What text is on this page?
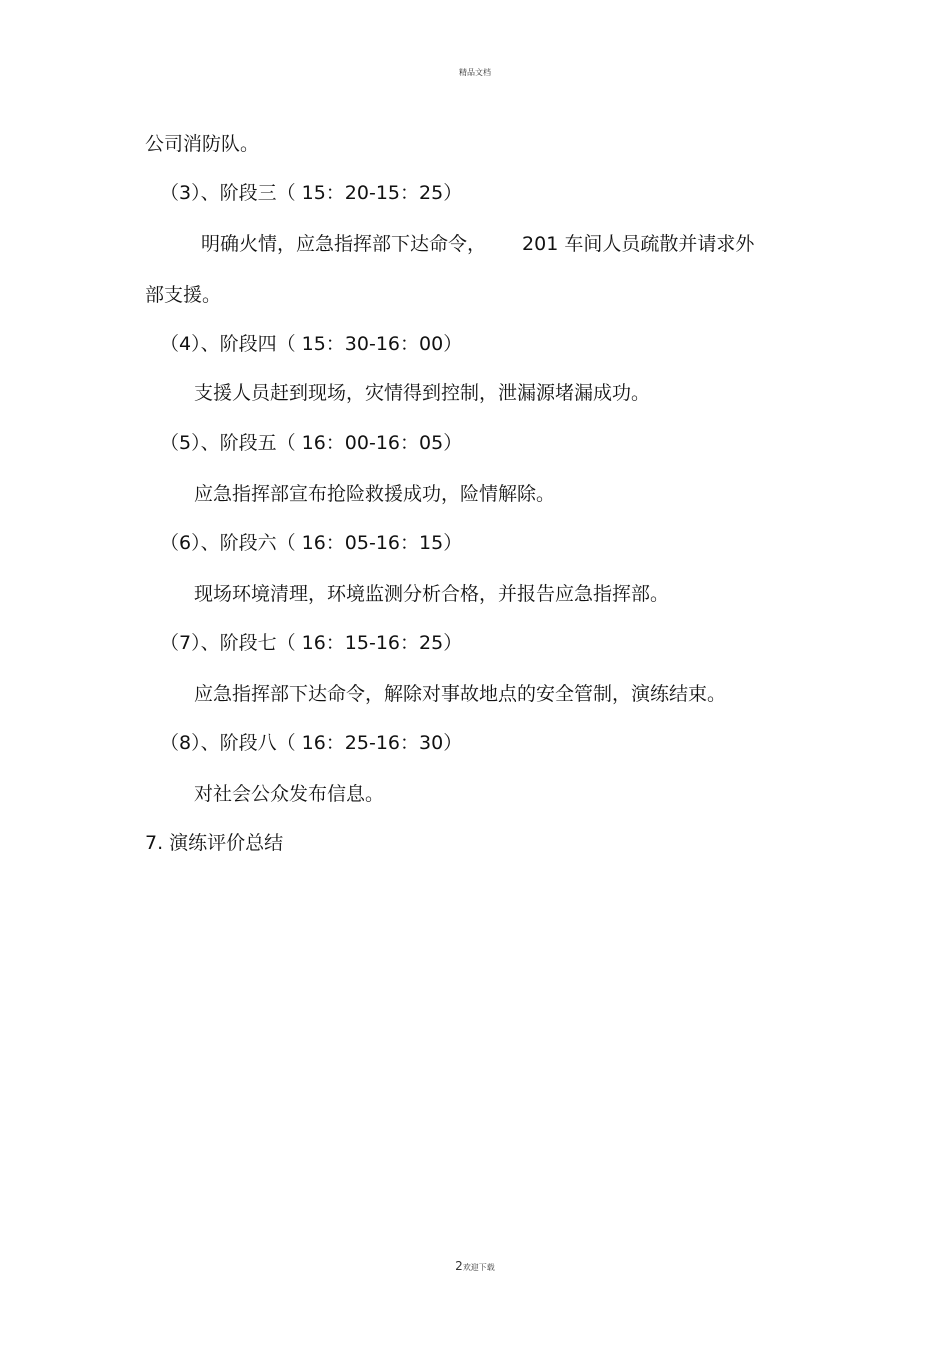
精品文档
公司消防队。
（3）、阶段三（ 15：20-15：25）
明确火情，应急指挥部下达命令， 201 车间人员疏散并请求外
部支援。
（4）、阶段四（ 15：30-16：00）
支援人员赶到现场，灾情得到控制，泄漏源堵漏成功。
（5）、阶段五（ 16：00-16：05）
应急指挥部宣布抢险救援成功，险情解除。
（6）、阶段六（ 16：05-16：15）
现场环境清理，环境监测分析合格，并报告应急指挥部。
（7）、阶段七（ 16：15-16：25）
应急指挥部下达命令，解除对事故地点的安全管制，演练结束。
（8）、阶段八（ 16：25-16：30）
对社会公众发布信息。
7. 演练评价总结
2欢迎下载
